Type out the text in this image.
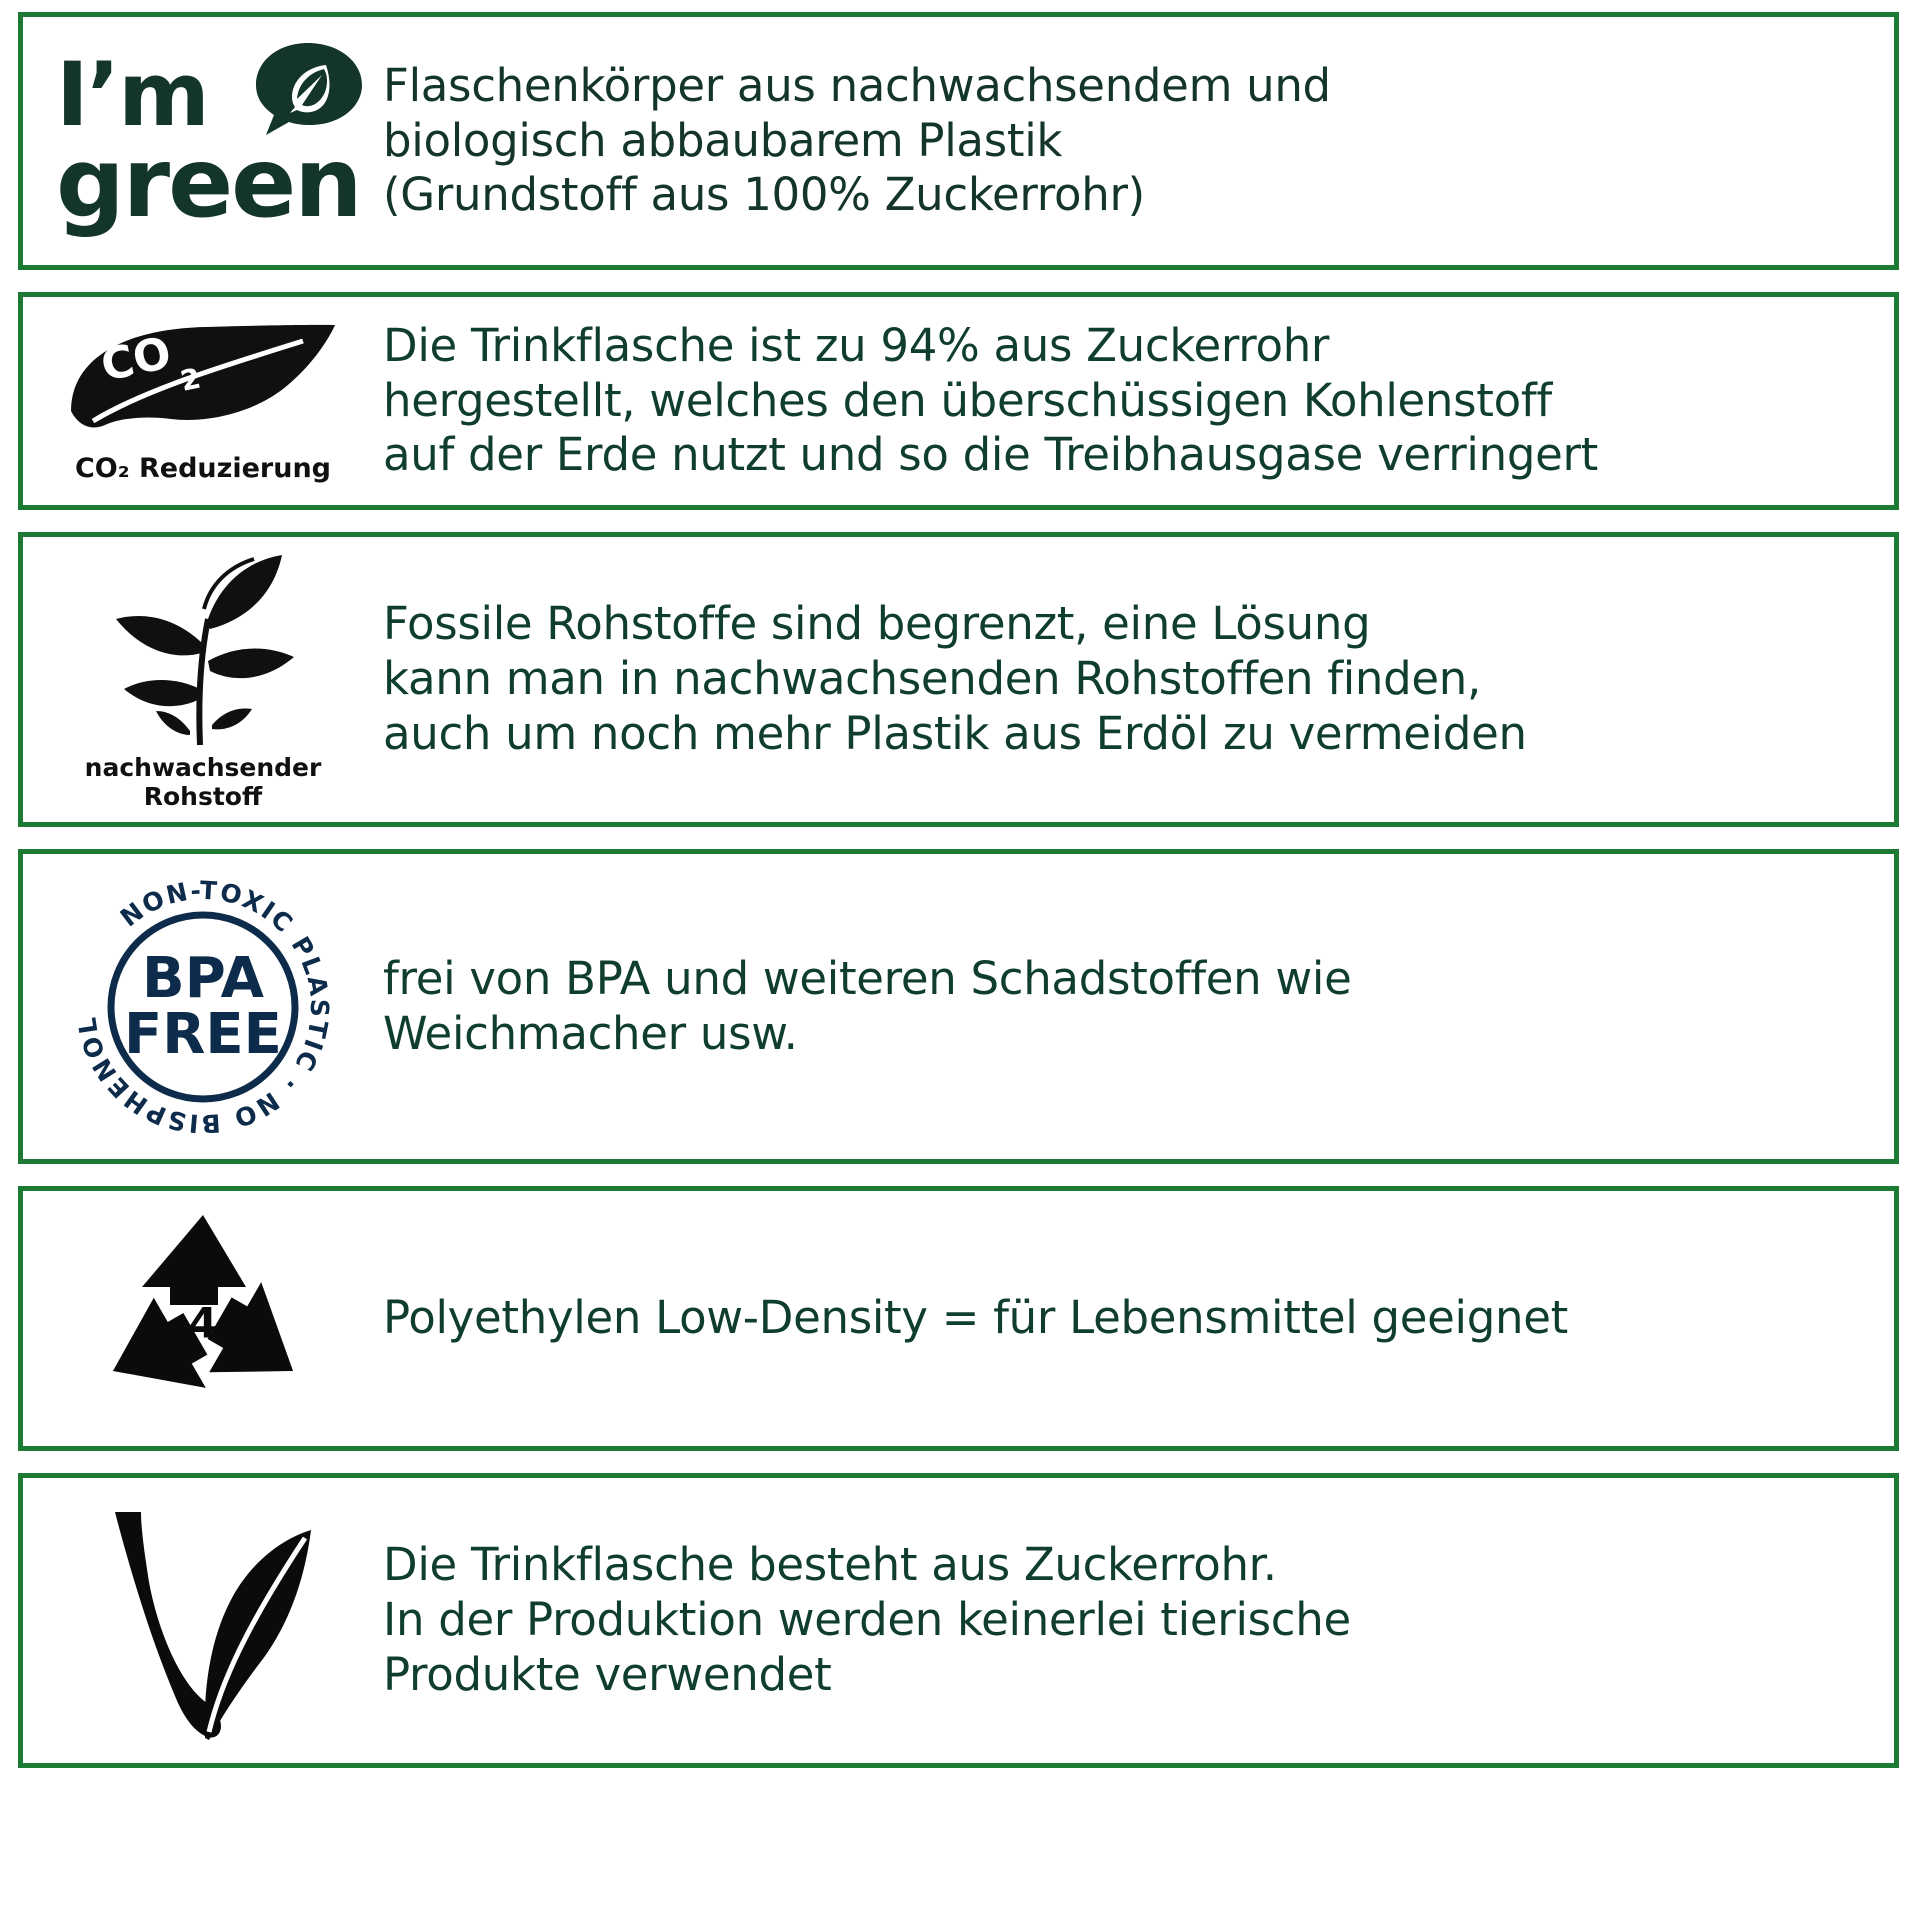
I’m
green

Flaschenkörper aus nachwachsendem und
biologisch abbaubarem Plastik
(Grundstoff aus 100% Zuckerrohr)

CO 2
CO₂ Reduzierung

Die Trinkflasche ist zu 94% aus Zuckerrohr
hergestellt, welches den überschüssigen Kohlenstoff
auf der Erde nutzt und so die Treibhausgase verringert

nachwachsender Rohstoff

Fossile Rohstoffe sind begrenzt, eine Lösung
kann man in nachwachsenden Rohstoffen finden,
auch um noch mehr Plastik aus Erdöl zu vermeiden

NON-TOXIC PLASTIC · NO BISPHENOL
BPA
FREE

frei von BPA und weiteren Schadstoffen wie
Weichmacher usw.

4	Polyethylen Low-Density = für Lebensmittel geeignet

Die Trinkflasche besteht aus Zuckerrohr.
In der Produktion werden keinerlei tierische
Produkte verwendet
